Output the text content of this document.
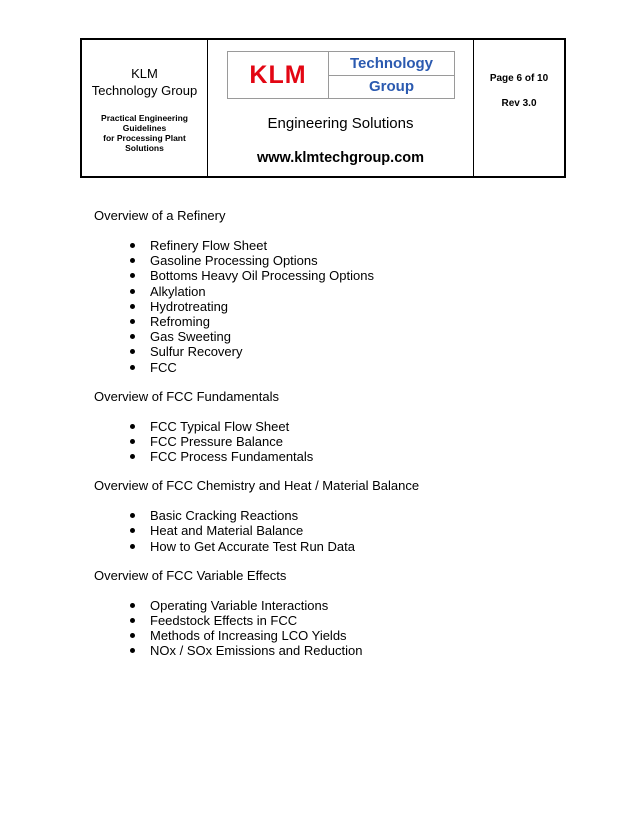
KLM
Technology Group
Practical Engineering
Guidelines
for Processing Plant
Solutions
KLM	Technology
Group
Engineering Solutions
www.klmtechgroup.com
Page 6 of 10
Rev 3.0
Overview of a Refinery
Refinery Flow Sheet
Gasoline Processing Options
Bottoms Heavy Oil Processing Options
Alkylation
Hydrotreating
Refroming
Gas Sweeting
Sulfur Recovery
FCC
Overview of FCC Fundamentals
FCC Typical Flow Sheet
FCC Pressure Balance
FCC Process Fundamentals
Overview of FCC Chemistry and Heat / Material Balance
Basic Cracking Reactions
Heat and Material Balance
How to Get Accurate Test Run Data
Overview of FCC Variable Effects
Operating Variable Interactions
Feedstock Effects in FCC
Methods of Increasing LCO Yields
NOx / SOx Emissions and Reduction
